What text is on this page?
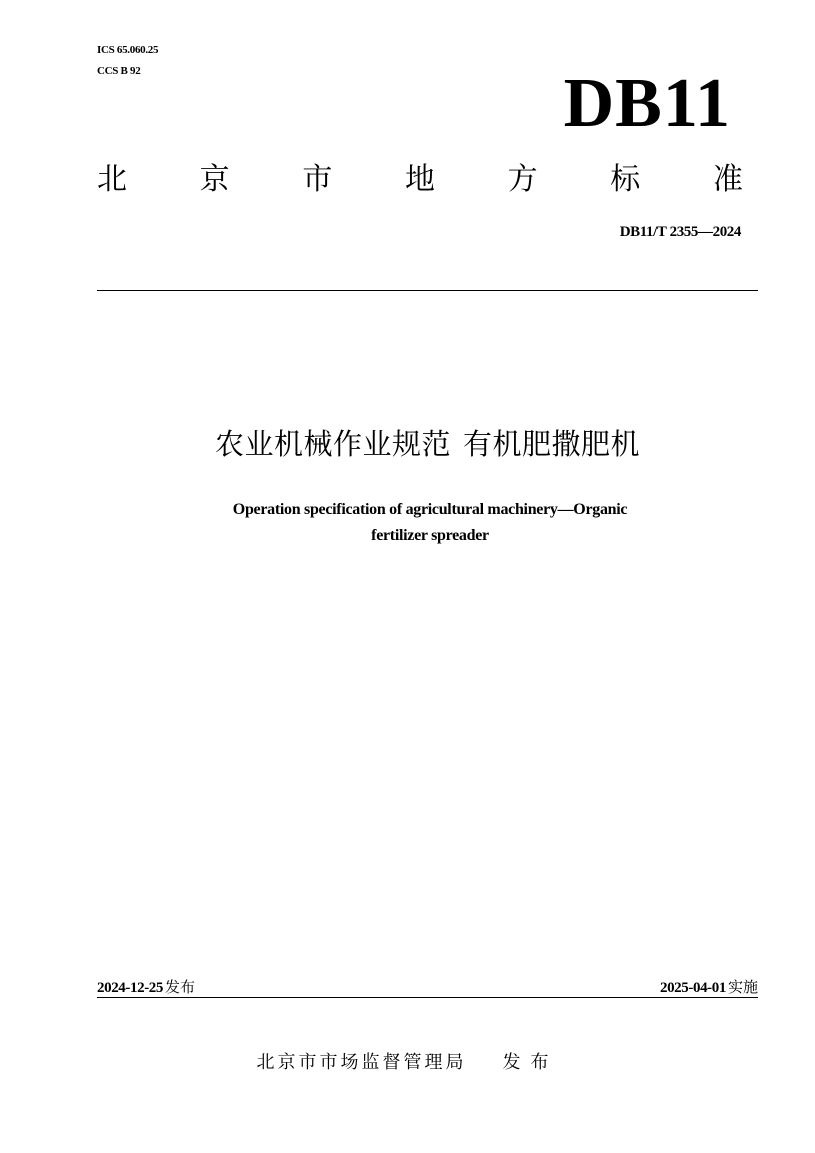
ICS 65.060.25
CCS B 92	DB11
北 京 市 地 方 标 准
DB11/T 2355—2024
农业机械作业规范 有机肥撒肥机
Operation specification of agricultural machinery—Organic
fertilizer spreader
2024-12-25 发布	2025-04-01 实施
北京市市场监督管理局 发布
